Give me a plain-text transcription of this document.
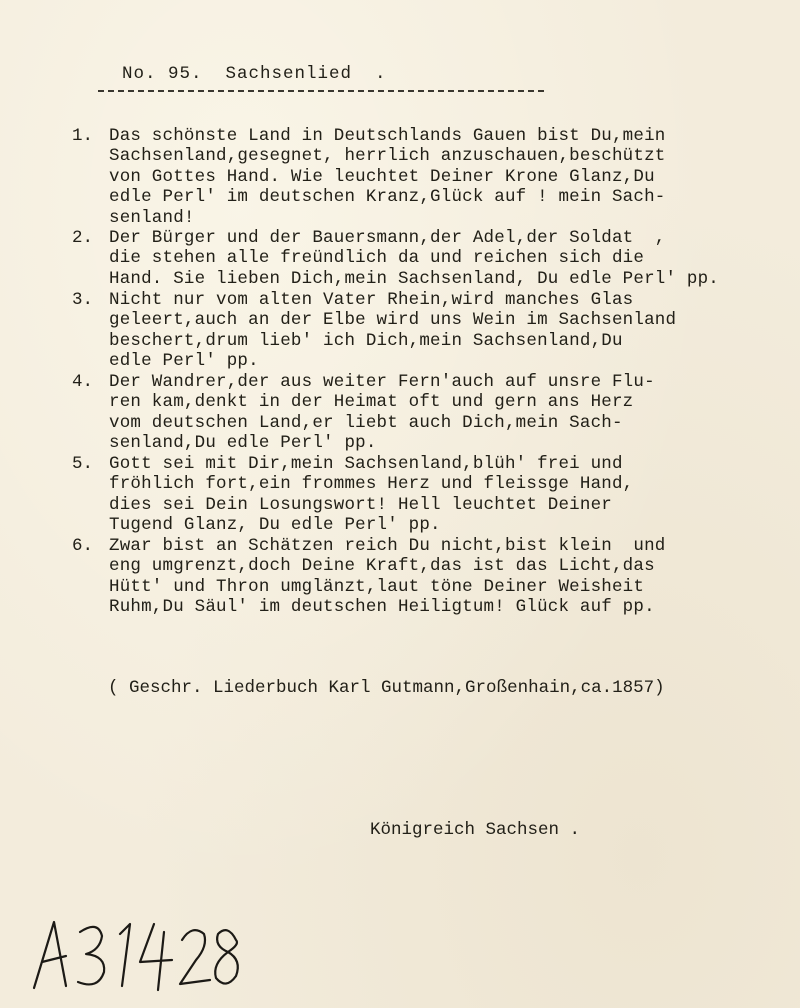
No. 95.  Sachsenlied  .
1. Das schönste Land in Deutschlands Gauen bist Du,mein
Sachsenland,gesegnet, herrlich anzuschauen,beschützt
von Gottes Hand. Wie leuchtet Deiner Krone Glanz,Du
edle Perl' im deutschen Kranz,Glück auf ! mein Sach-
senland!
2. Der Bürger und der Bauersmann,der Adel,der Soldat  ,
die stehen alle freündlich da und reichen sich die
Hand. Sie lieben Dich,mein Sachsenland, Du edle Perl' pp.
3. Nicht nur vom alten Vater Rhein,wird manches Glas
geleert,auch an der Elbe wird uns Wein im Sachsenland
beschert,drum lieb' ich Dich,mein Sachsenland,Du
edle Perl' pp.
4. Der Wandrer,der aus weiter Fern'auch auf unsre Flu-
ren kam,denkt in der Heimat oft und gern ans Herz
vom deutschen Land,er liebt auch Dich,mein Sach-
senland,Du edle Perl' pp.
5. Gott sei mit Dir,mein Sachsenland,blüh' frei und
fröhlich fort,ein frommes Herz und fleissge Hand,
dies sei Dein Losungswort! Hell leuchtet Deiner
Tugend Glanz, Du edle Perl' pp.
6. Zwar bist an Schätzen reich Du nicht,bist klein  und
eng umgrenzt,doch Deine Kraft,das ist das Licht,das
Hütt' und Thron umglänzt,laut töne Deiner Weisheit
Ruhm,Du Säul' im deutschen Heiligtum! Glück auf pp.
( Geschr. Liederbuch Karl Gutmann,Großenhain,ca.1857)
Königreich Sachsen .
